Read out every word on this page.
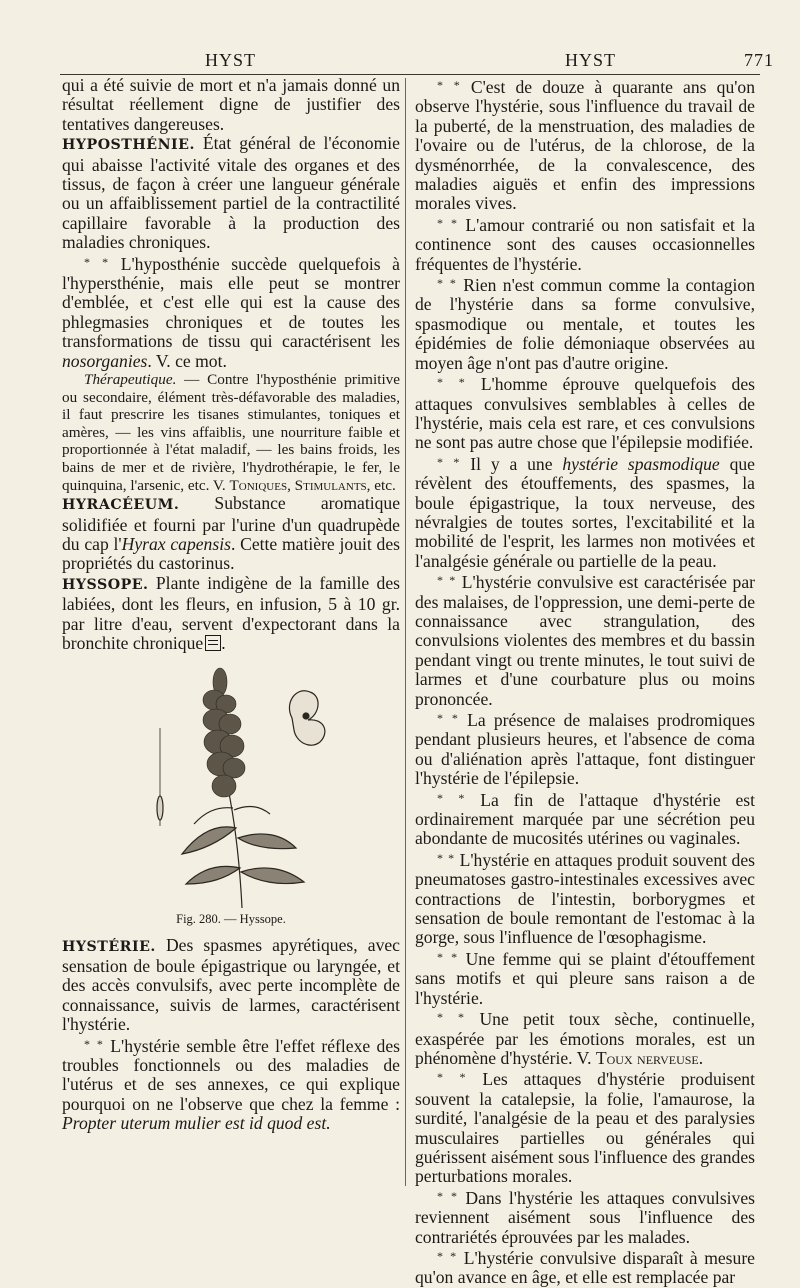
HYST	HYST	771

qui a été suivie de mort et n'a jamais donné un résultat réellement digne de justifier des tentatives dangereuses.

HYPOSTHÉNIE. État général de l'économie qui abaisse l'activité vitale des organes et des tissus, de façon à créer une langueur générale ou un affaiblissement partiel de la contractilité capillaire favorable à la production des maladies chroniques.

* * L'hyposthénie succède quelquefois à l'hypersthénie, mais elle peut se montrer d'emblée, et c'est elle qui est la cause des phlegmasies chroniques et de toutes les transformations de tissu qui caractérisent les nosorganies. V. ce mot.

Thérapeutique. — Contre l'hyposthénie primitive ou secondaire, élément très-défavorable des maladies, il faut prescrire les tisanes stimulantes, toniques et amères, — les vins affaiblis, une nourriture faible et proportionnée à l'état maladif, — les bains froids, les bains de mer et de rivière, l'hydrothérapie, le fer, le quinquina, l'arsenic, etc. V. Toniques, Stimulants, etc.

HYRACÉEUM. Substance aromatique solidifiée et fourni par l'urine d'un quadrupède du cap l'Hyrax capensis. Cette matière jouit des propriétés du castorinus.

HYSSOPE. Plante indigène de la famille des labiées, dont les fleurs, en infusion, 5 à 10 gr. par litre d'eau, servent d'expectorant dans la bronchite chronique .

Fig. 280. — Hyssope.

HYSTÉRIE. Des spasmes apyrétiques, avec sensation de boule épigastrique ou laryngée, et des accès convulsifs, avec perte incomplète de connaissance, suivis de larmes, caractérisent l'hystérie.

* * L'hystérie semble être l'effet réflexe des troubles fonctionnels ou des maladies de l'utérus et de ses annexes, ce qui explique pourquoi on ne l'observe que chez la femme : Propter uterum mulier est id quod est.

* * C'est de douze à quarante ans qu'on observe l'hystérie, sous l'influence du travail de la puberté, de la menstruation, des maladies de l'ovaire ou de l'utérus, de la chlorose, de la dysménorrhée, de la convalescence, des maladies aiguës et enfin des impressions morales vives.

* * L'amour contrarié ou non satisfait et la continence sont des causes occasionnelles fréquentes de l'hystérie.

* * Rien n'est commun comme la contagion de l'hystérie dans sa forme convulsive, spasmodique ou mentale, et toutes les épidémies de folie démoniaque observées au moyen âge n'ont pas d'autre origine.

* * L'homme éprouve quelquefois des attaques convulsives semblables à celles de l'hystérie, mais cela est rare, et ces convulsions ne sont pas autre chose que l'épilepsie modifiée.

* * Il y a une hystérie spasmodique que révèlent des étouffements, des spasmes, la boule épigastrique, la toux nerveuse, des névralgies de toutes sortes, l'excitabilité et la mobilité de l'esprit, les larmes non motivées et l'analgésie générale ou partielle de la peau.

* * L'hystérie convulsive est caractérisée par des malaises, de l'oppression, une demi-perte de connaissance avec strangulation, des convulsions violentes des membres et du bassin pendant vingt ou trente minutes, le tout suivi de larmes et d'une courbature plus ou moins prononcée.

* * La présence de malaises prodromiques pendant plusieurs heures, et l'absence de coma ou d'aliénation après l'attaque, font distinguer l'hystérie de l'épilepsie.

* * La fin de l'attaque d'hystérie est ordinairement marquée par une sécrétion peu abondante de mucosités utérines ou vaginales.

* * L'hystérie en attaques produit souvent des pneumatoses gastro-intestinales excessives avec contractions de l'intestin, borborygmes et sensation de boule remontant de l'estomac à la gorge, sous l'influence de l'œsophagisme.

* * Une femme qui se plaint d'étouffement sans motifs et qui pleure sans raison a de l'hystérie.

* * Une petit toux sèche, continuelle, exaspérée par les émotions morales, est un phénomène d'hystérie. V. Toux nerveuse.

* * Les attaques d'hystérie produisent souvent la catalepsie, la folie, l'amaurose, la surdité, l'analgésie de la peau et des paralysies musculaires partielles ou générales qui guérissent aisément sous l'influence des grandes perturbations morales.

* * Dans l'hystérie les attaques convulsives reviennent aisément sous l'influence des contrariétés éprouvées par les malades.

* * L'hystérie convulsive disparaît à mesure qu'on avance en âge, et elle est remplacée par
